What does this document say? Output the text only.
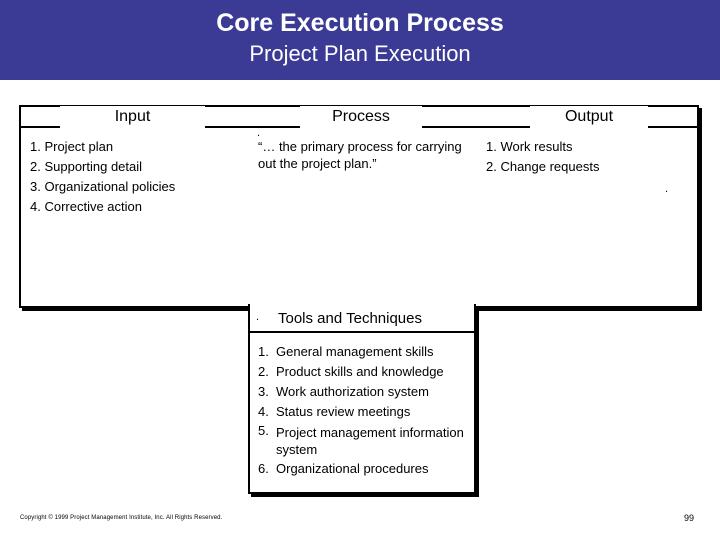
Core Execution Process
Project Plan Execution
Input	Process	Output
1. Project plan
2. Supporting detail
3. Organizational policies
4. Corrective action
.
“… the primary process for carrying out the project plan.”
1. Work results
2. Change requests
.
. Tools and Techniques
1. General management skills
2. Product skills and knowledge
3. Work authorization system
4. Status review meetings
5. Project management information system
6. Organizational procedures
Copyright © 1999 Project Management Institute, Inc. All Rights Reserved.	99
